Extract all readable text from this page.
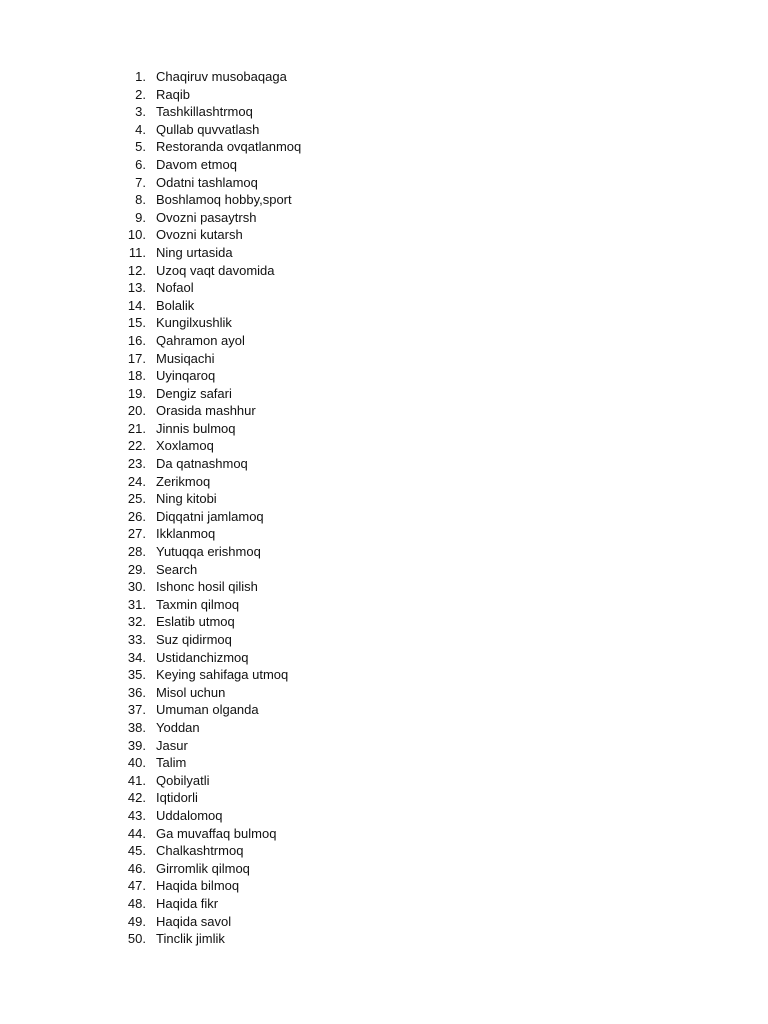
1. Chaqiruv musobaqaga
2. Raqib
3. Tashkillashtrmoq
4. Qullab quvvatlash
5. Restoranda ovqatlanmoq
6. Davom etmoq
7. Odatni tashlamoq
8. Boshlamoq hobby,sport
9. Ovozni pasaytrsh
10. Ovozni kutarsh
11. Ning urtasida
12. Uzoq vaqt davomida
13. Nofaol
14. Bolalik
15. Kungilxushlik
16. Qahramon ayol
17. Musiqachi
18. Uyinqaroq
19. Dengiz safari
20. Orasida mashhur
21. Jinnis bulmoq
22. Xoxlamoq
23. Da qatnashmoq
24. Zerikmoq
25. Ning kitobi
26. Diqqatni jamlamoq
27. Ikklanmoq
28. Yutuqqa erishmoq
29. Search
30. Ishonc hosil qilish
31. Taxmin qilmoq
32. Eslatib utmoq
33. Suz qidirmoq
34. Ustidanchizmoq
35. Keying sahifaga utmoq
36. Misol uchun
37. Umuman olganda
38. Yoddan
39. Jasur
40. Talim
41. Qobilyatli
42. Iqtidorli
43. Uddalomoq
44. Ga muvaffaq bulmoq
45. Chalkashtrmoq
46. Girromlik qilmoq
47. Haqida bilmoq
48. Haqida fikr
49. Haqida savol
50. Tinclik jimlik
